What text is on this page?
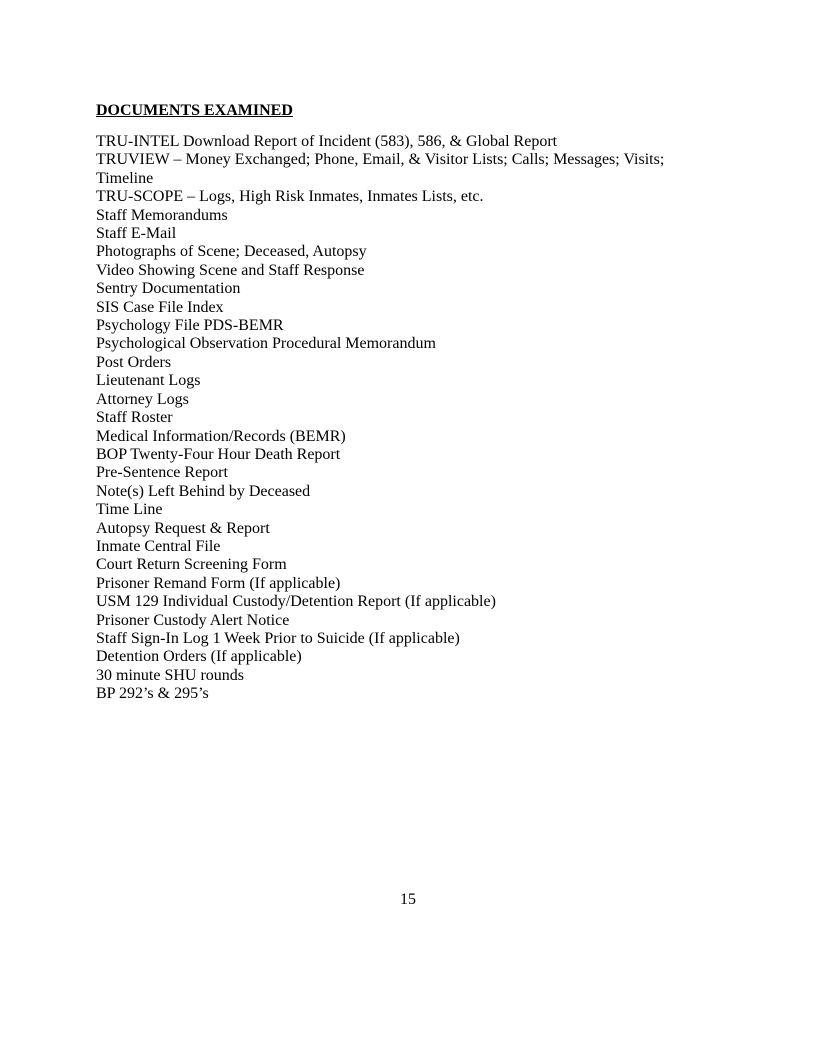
DOCUMENTS EXAMINED
TRU-INTEL Download Report of Incident (583), 586, & Global Report
TRUVIEW – Money Exchanged; Phone, Email, & Visitor Lists; Calls; Messages; Visits; Timeline
TRU-SCOPE – Logs, High Risk Inmates, Inmates Lists, etc.
Staff Memorandums
Staff E-Mail
Photographs of Scene; Deceased, Autopsy
Video Showing Scene and Staff Response
Sentry Documentation
SIS Case File Index
Psychology File PDS-BEMR
Psychological Observation Procedural Memorandum
Post Orders
Lieutenant Logs
Attorney Logs
Staff Roster
Medical Information/Records (BEMR)
BOP Twenty-Four Hour Death Report
Pre-Sentence Report
Note(s) Left Behind by Deceased
Time Line
Autopsy Request & Report
Inmate Central File
Court Return Screening Form
Prisoner Remand Form (If applicable)
USM 129 Individual Custody/Detention Report (If applicable)
Prisoner Custody Alert Notice
Staff Sign-In Log 1 Week Prior to Suicide (If applicable)
Detention Orders (If applicable)
30 minute SHU rounds
BP 292’s & 295’s
15
